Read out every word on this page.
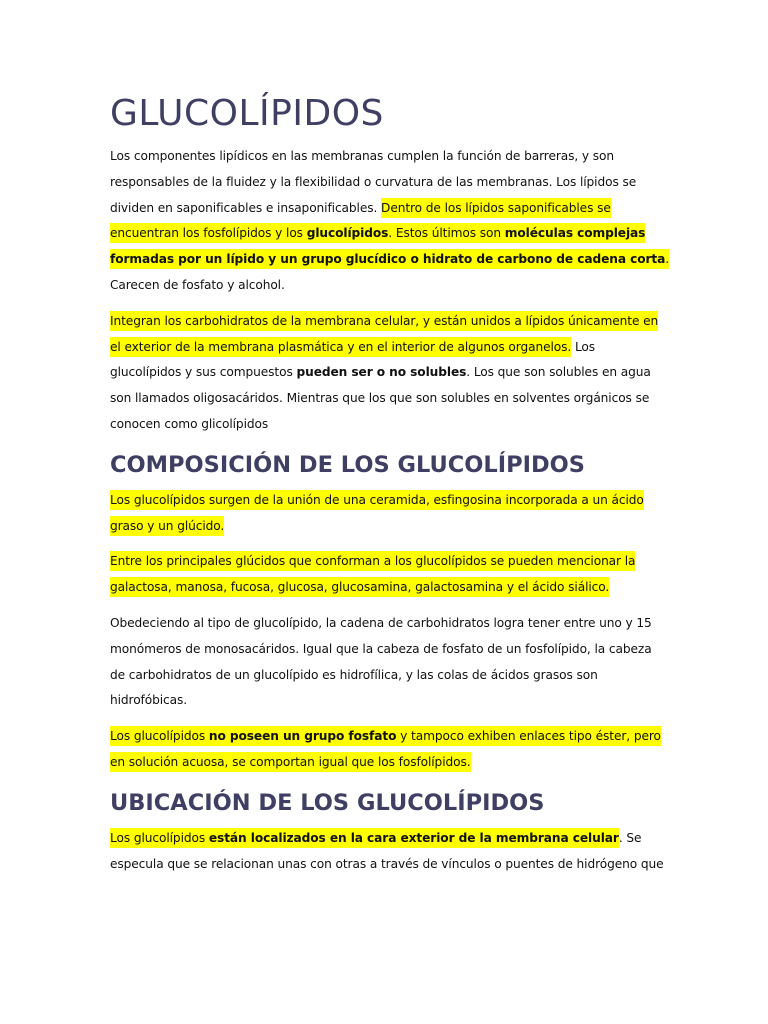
GLUCOLÍPIDOS

Los componentes lipídicos en las membranas cumplen la función de barreras, y son responsables de la fluidez y la flexibilidad o curvatura de las membranas. Los lípidos se dividen en saponificables e insaponificables. Dentro de los lípidos saponificables se encuentran los fosfolípidos y los glucolípidos. Estos últimos son moléculas complejas formadas por un lípido y un grupo glucídico o hidrato de carbono de cadena corta. Carecen de fosfato y alcohol.

Integran los carbohidratos de la membrana celular, y están unidos a lípidos únicamente en el exterior de la membrana plasmática y en el interior de algunos organelos. Los glucolípidos y sus compuestos pueden ser o no solubles. Los que son solubles en agua son llamados oligosacáridos. Mientras que los que son solubles en solventes orgánicos se conocen como glicolípidos

COMPOSICIÓN DE LOS GLUCOLÍPIDOS

Los glucolípidos surgen de la unión de una ceramida, esfingosina incorporada a un ácido graso y un glúcido.

Entre los principales glúcidos que conforman a los glucolípidos se pueden mencionar la galactosa, manosa, fucosa, glucosa, glucosamina, galactosamina y el ácido siálico.

Obedeciendo al tipo de glucolípido, la cadena de carbohidratos logra tener entre uno y 15 monómeros de monosacáridos. Igual que la cabeza de fosfato de un fosfolípido, la cabeza de carbohidratos de un glucolípido es hidrofílica, y las colas de ácidos grasos son hidrofóbicas.

Los glucolípidos no poseen un grupo fosfato y tampoco exhiben enlaces tipo éster, pero en solución acuosa, se comportan igual que los fosfolípidos.

UBICACIÓN DE LOS GLUCOLÍPIDOS

Los glucolípidos están localizados en la cara exterior de la membrana celular. Se especula que se relacionan unas con otras a través de vínculos o puentes de hidrógeno que
